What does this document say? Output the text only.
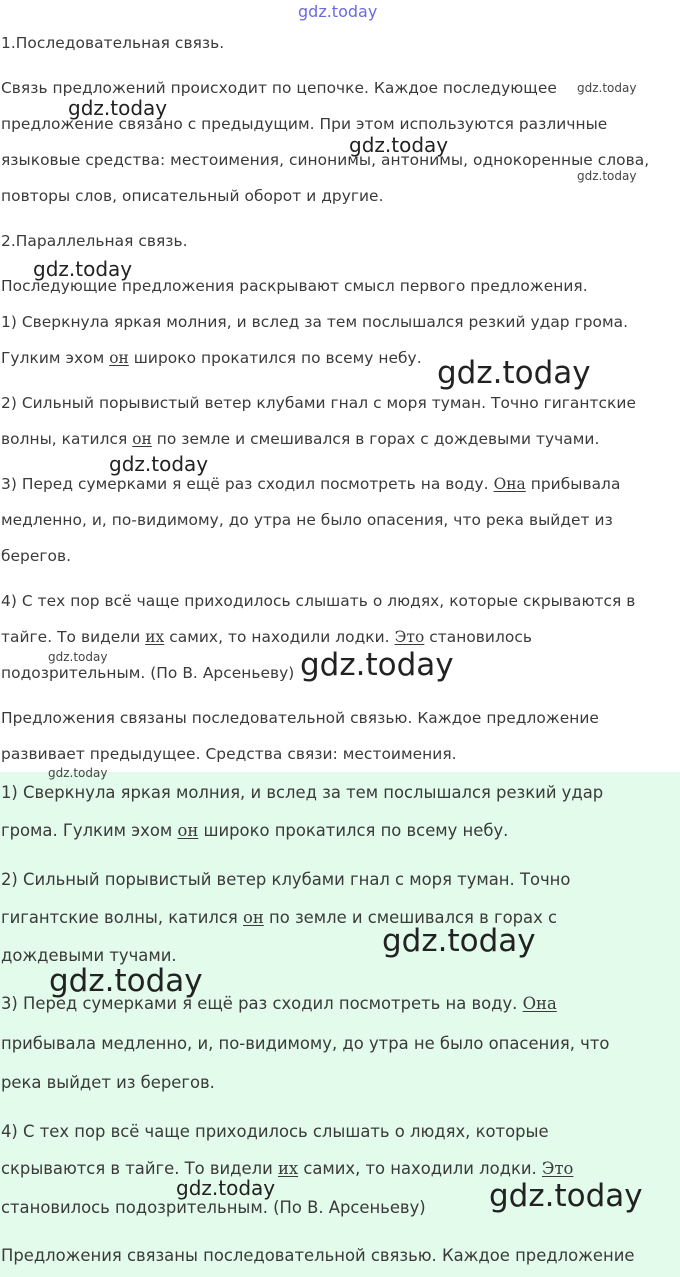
gdz.today
gdz.today
gdz.today
gdz.today
gdz.today
gdz.today
gdz.today
gdz.today
gdz.today	gdz.today
gdz.today
gdz.today
gdz.today
gdz.today	gdz.today
1.Последовательная связь.
Связь предложений происходит по цепочке. Каждое последующее
предложение связано с предыдущим. При этом используются различные
языковые средства: местоимения, синонимы, антонимы, однокоренные слова,
повторы слов, описательный оборот и другие.
2.Параллельная связь.
Последующие предложения раскрывают смысл первого предложения.
1) Сверкнула яркая молния, и вслед за тем послышался резкий удар грома.
Гулким эхом он широко прокатился по всему небу.
2) Сильный порывистый ветер клубами гнал с моря туман. Точно гигантские
волны, катился он по земле и смешивался в горах с дождевыми тучами.
3) Перед сумерками я ещё раз сходил посмотреть на воду. Она прибывала
медленно, и, по-видимому, до утра не было опасения, что река выйдет из
берегов.
4) С тех пор всё чаще приходилось слышать о людях, которые скрываются в
тайге. То видели их самих, то находили лодки. Это становилось
подозрительным. (По В. Арсеньеву)
Предложения связаны последовательной связью. Каждое предложение
развивает предыдущее. Средства связи: местоимения.
1) Сверкнула яркая молния, и вслед за тем послышался резкий удар
грома. Гулким эхом он широко прокатился по всему небу.
2) Сильный порывистый ветер клубами гнал с моря туман. Точно
гигантские волны, катился он по земле и смешивался в горах с
дождевыми тучами.
3) Перед сумерками я ещё раз сходил посмотреть на воду. Она
прибывала медленно, и, по-видимому, до утра не было опасения, что
река выйдет из берегов.
4) С тех пор всё чаще приходилось слышать о людях, которые
скрываются в тайге. То видели их самих, то находили лодки. Это
становилось подозрительным. (По В. Арсеньеву)
Предложения связаны последовательной связью. Каждое предложение
